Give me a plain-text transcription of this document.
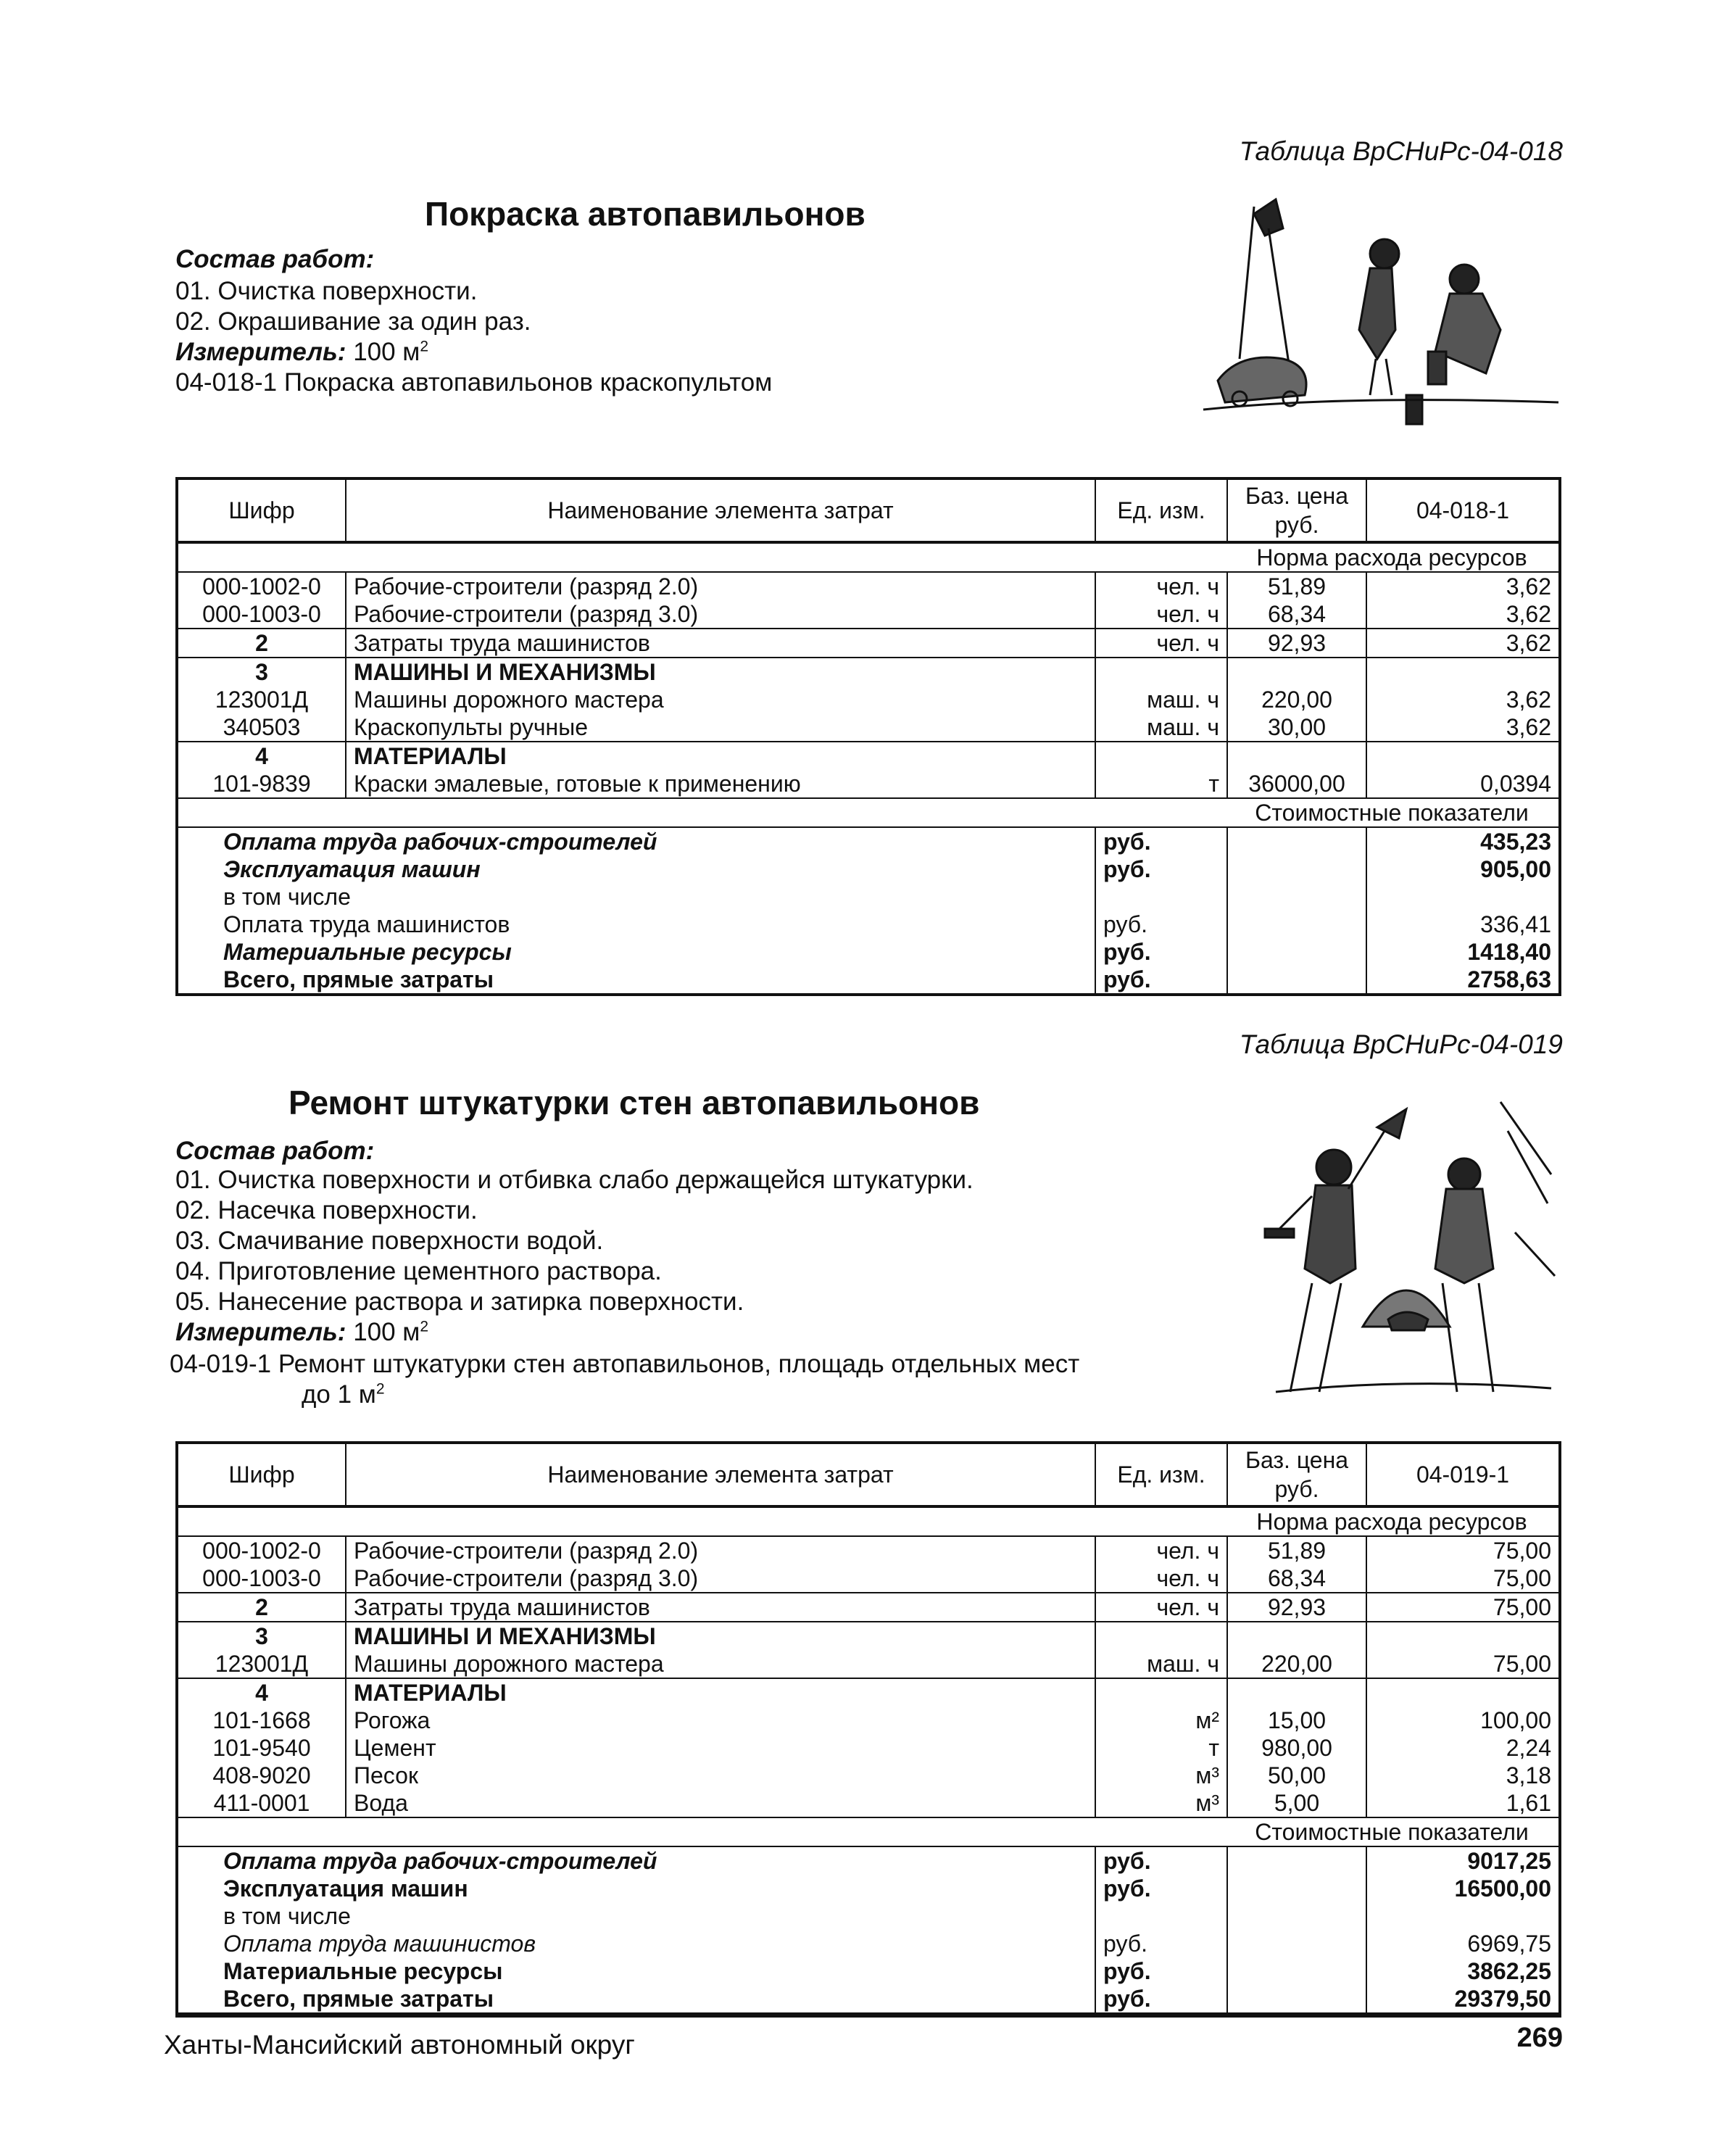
Таблица ВрСНиРс-04-018
Покраска автопавильонов
Состав работ:
01. Очистка поверхности.
02. Окрашивание за один раз.
Измеритель: 100 $м^2$
04-018-1 Покраска автопавильонов краскопультом
Шифр	Наименование элемента затрат	Ед. изм.	Баз. цена руб.	04-018-1
Норма расхода ресурсов				
000-1002-0	Рабочие-строители (разряд 2.0)	чел. ч	51,89	3,62
000-1003-0	Рабочие-строители (разряд 3.0)	чел. ч	68,34	3,62
2	Затраты труда машинистов	чел. ч	92,93	3,62
3	МАШИНЫ И МЕХАНИЗМЫ			
123001Д	Машины дорожного мастера	маш. ч	220,00	3,62
340503	Краскопульты ручные	маш. ч	30,00	3,62
4	МАТЕРИАЛЫ			
101-9839	Краски эмалевые, готовые к применению	т	36000,00	0,0394
Стоимостные показатели				
Оплата труда рабочих-строителей		руб.		435,23
Эксплуатация машин		руб.		905,00
в том числе				
Оплата труда машинистов		руб.		336,41
Материальные ресурсы		руб.		1418,40
Всего, прямые затраты		руб.		2758,63
Таблица ВрСНиРс-04-019
Ремонт штукатурки стен автопавильонов
Состав работ:
01. Очистка поверхности и отбивка слабо держащейся штукатурки.
02. Насечка поверхности.
03. Смачивание поверхности водой.
04. Приготовление цементного раствора.
05. Нанесение раствора и затирка поверхности.
Измеритель: 100 $м^2$
04-019-1 Ремонт штукатурки стен автопавильонов, площадь отдельных мест
до 1 $м^2$
Шифр	Наименование элемента затрат	Ед. изм.	Баз. цена руб.	04-019-1
Норма расхода ресурсов				
000-1002-0	Рабочие-строители (разряд 2.0)	чел. ч	51,89	75,00
000-1003-0	Рабочие-строители (разряд 3.0)	чел. ч	68,34	75,00
2	Затраты труда машинистов	чел. ч	92,93	75,00
3	МАШИНЫ И МЕХАНИЗМЫ			
123001Д	Машины дорожного мастера	маш. ч	220,00	75,00
4	МАТЕРИАЛЫ			
101-1668	Рогожа	м²	15,00	100,00
101-9540	Цемент	т	980,00	2,24
408-9020	Песок	м³	50,00	3,18
411-0001	Вода	м³	5,00	1,61
Стоимостные показатели				
Оплата труда рабочих-строителей		руб.		9017,25
Эксплуатация машин		руб.		16500,00
в том числе				
Оплата труда машинистов		руб.		6969,75
Материальные ресурсы		руб.		3862,25
Всего, прямые затраты		руб.		29379,50
Ханты-Мансийский автономный округ	269
